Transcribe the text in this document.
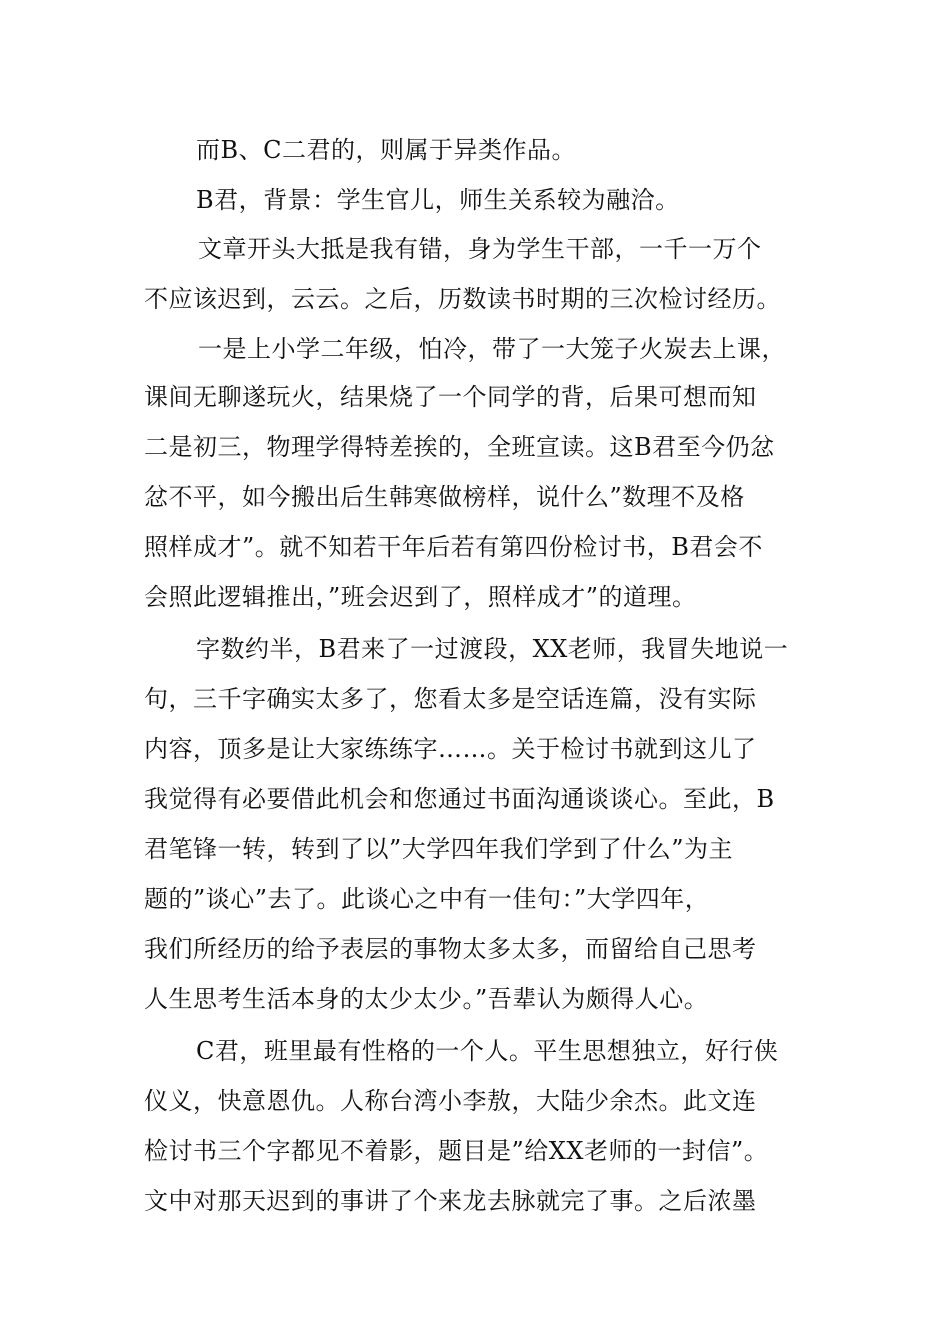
而B、C二君的，则属于异类作品。
B君，背景：学生官儿，师生关系较为融洽。
文章开头大抵是我有错，身为学生干部，一千一万个
不应该迟到，云云。之后，历数读书时期的三次检讨经历。
一是上小学二年级，怕冷，带了一大笼子火炭去上课，
课间无聊遂玩火，结果烧了一个同学的背，后果可想而知
二是初三，物理学得特差挨的，全班宣读。这B君至今仍忿
忿不平，如今搬出后生韩寒做榜样，说什么”数理不及格
照样成才”。就不知若干年后若有第四份检讨书，B君会不
会照此逻辑推出，”班会迟到了，照样成才”的道理。
字数约半，B君来了一过渡段，XX老师，我冒失地说一
句，三千字确实太多了，您看太多是空话连篇，没有实际
内容，顶多是让大家练练字……。关于检讨书就到这儿了
我觉得有必要借此机会和您通过书面沟通谈谈心。至此，B
君笔锋一转，转到了以”大学四年我们学到了什么”为主
题的”谈心”去了。此谈心之中有一佳句：”大学四年，
我们所经历的给予表层的事物太多太多，而留给自己思考
人生思考生活本身的太少太少。”吾辈认为颇得人心。
C君，班里最有性格的一个人。平生思想独立，好行侠
仪义，快意恩仇。人称台湾小李敖，大陆少余杰。此文连
检讨书三个字都见不着影，题目是”给XX老师的一封信”。
文中对那天迟到的事讲了个来龙去脉就完了事。之后浓墨
